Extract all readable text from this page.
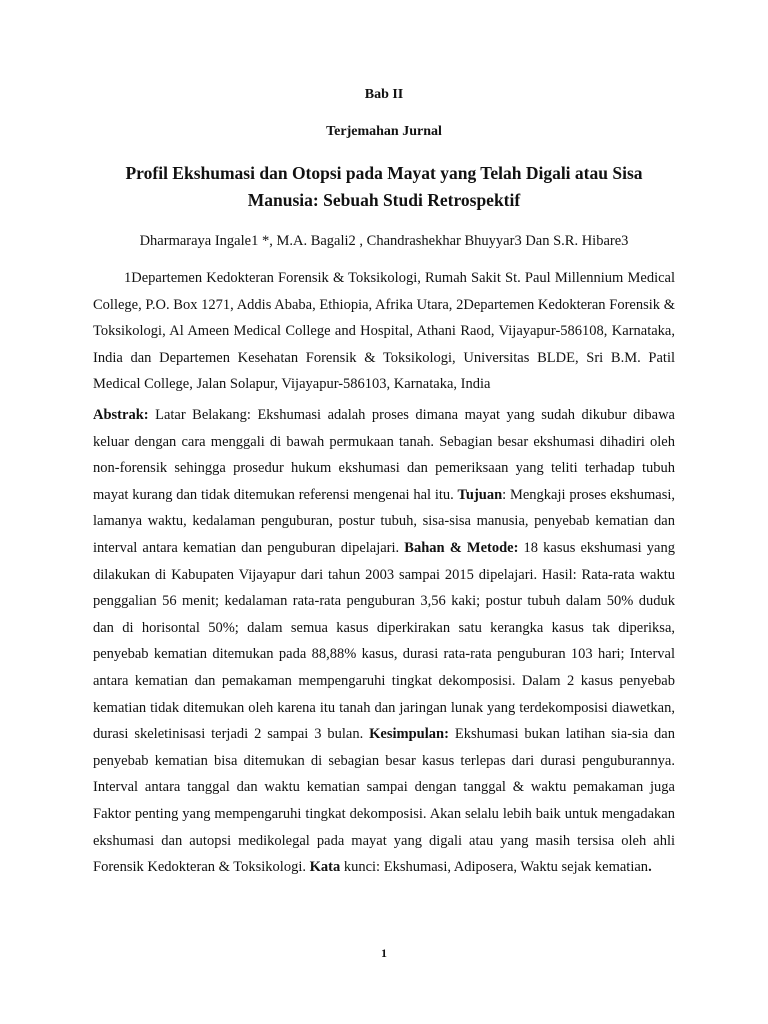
Bab II
Terjemahan Jurnal
Profil Ekshumasi dan Otopsi pada Mayat yang Telah Digali atau Sisa Manusia: Sebuah Studi Retrospektif
Dharmaraya Ingale1 *, M.A. Bagali2 , Chandrashekhar Bhuyyar3 Dan S.R. Hibare3

1Departemen Kedokteran Forensik & Toksikologi, Rumah Sakit St. Paul Millennium Medical College, P.O. Box 1271, Addis Ababa, Ethiopia, Afrika Utara, 2Departemen Kedokteran Forensik & Toksikologi, Al Ameen Medical College and Hospital, Athani Raod, Vijayapur-586108, Karnataka, India dan Departemen Kesehatan Forensik & Toksikologi, Universitas BLDE, Sri B.M. Patil Medical College, Jalan Solapur, Vijayapur-586103, Karnataka, India

Abstrak: Latar Belakang: Ekshumasi adalah proses dimana mayat yang sudah dikubur dibawa keluar dengan cara menggali di bawah permukaan tanah. Sebagian besar ekshumasi dihadiri oleh non-forensik sehingga prosedur hukum ekshumasi dan pemeriksaan yang teliti terhadap tubuh mayat kurang dan tidak ditemukan referensi mengenai hal itu. Tujuan: Mengkaji proses ekshumasi, lamanya waktu, kedalaman penguburan, postur tubuh, sisa-sisa manusia, penyebab kematian dan interval antara kematian dan penguburan dipelajari. Bahan & Metode: 18 kasus ekshumasi yang dilakukan di Kabupaten Vijayapur dari tahun 2003 sampai 2015 dipelajari. Hasil: Rata-rata waktu penggalian 56 menit; kedalaman rata-rata penguburan 3,56 kaki; postur tubuh dalam 50% duduk dan di horisontal 50%; dalam semua kasus diperkirakan satu kerangka kasus tak diperiksa, penyebab kematian ditemukan pada 88,88% kasus, durasi rata-rata penguburan 103 hari; Interval antara kematian dan pemakaman mempengaruhi tingkat dekomposisi. Dalam 2 kasus penyebab kematian tidak ditemukan oleh karena itu tanah dan jaringan lunak yang terdekomposisi diawetkan, durasi skeletinisasi terjadi 2 sampai 3 bulan. Kesimpulan: Ekshumasi bukan latihan sia-sia dan penyebab kematian bisa ditemukan di sebagian besar kasus terlepas dari durasi penguburannya. Interval antara tanggal dan waktu kematian sampai dengan tanggal & waktu pemakaman juga Faktor penting yang mempengaruhi tingkat dekomposisi. Akan selalu lebih baik untuk mengadakan ekshumasi dan autopsi medikolegal pada mayat yang digali atau yang masih tersisa oleh ahli Forensik Kedokteran & Toksikologi. Kata kunci: Ekshumasi, Adiposera, Waktu sejak kematian.

1
